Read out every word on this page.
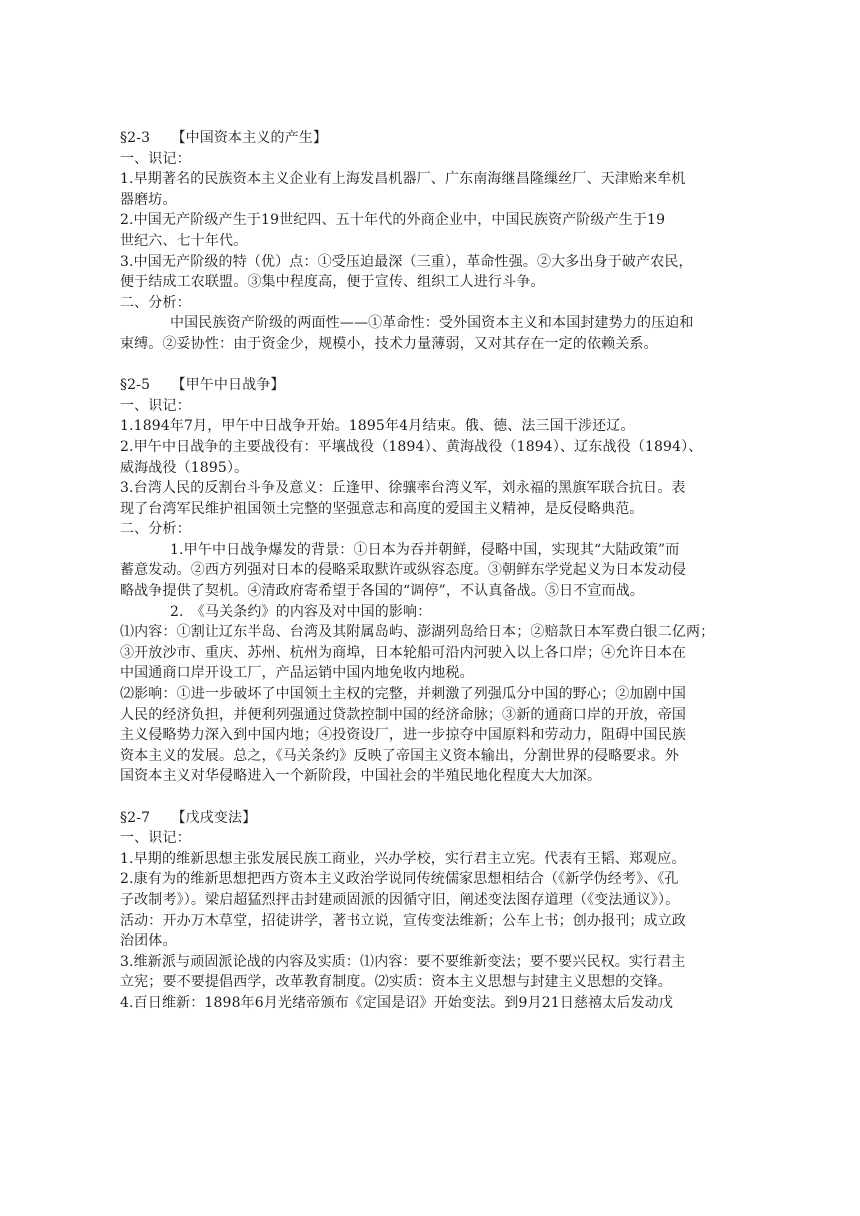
§2-3　　【中国资本主义的产生】
一、识记：
1.早期著名的民族资本主义企业有上海发昌机器厂、广东南海继昌隆缫丝厂、天津贻来牟机
器磨坊。
2.中国无产阶级产生于19世纪四、五十年代的外商企业中，中国民族资产阶级产生于19
世纪六、七十年代。
3.中国无产阶级的特（优）点：①受压迫最深（三重），革命性强。②大多出身于破产农民，
便于结成工农联盟。③集中程度高，便于宣传、组织工人进行斗争。
二、分析：
中国民族资产阶级的两面性——①革命性：受外国资本主义和本国封建势力的压迫和
束缚。②妥协性：由于资金少，规模小，技术力量薄弱，又对其存在一定的依赖关系。
§2-5　　【甲午中日战争】
一、识记：
1.1894年7月，甲午中日战争开始。1895年4月结束。俄、德、法三国干涉还辽。
2.甲午中日战争的主要战役有：平壤战役（1894）、黄海战役（1894）、辽东战役（1894）、
威海战役（1895）。
3.台湾人民的反割台斗争及意义：丘逢甲、徐骧率台湾义军，刘永福的黑旗军联合抗日。表
现了台湾军民维护祖国领土完整的坚强意志和高度的爱国主义精神，是反侵略典范。
二、分析：
1.甲午中日战争爆发的背景：①日本为吞并朝鲜，侵略中国，实现其“大陆政策”而
蓄意发动。②西方列强对日本的侵略采取默许或纵容态度。③朝鲜东学党起义为日本发动侵
略战争提供了契机。④清政府寄希望于各国的“调停”，不认真备战。⑤日不宣而战。
2.　《马关条约》的内容及对中国的影响：
⑴内容：①割让辽东半岛、台湾及其附属岛屿、澎湖列岛给日本；②赔款日本军费白银二亿两；
③开放沙市、重庆、苏州、杭州为商埠，日本轮船可沿内河驶入以上各口岸；④允许日本在
中国通商口岸开设工厂，产品运销中国内地免收内地税。
⑵影响：①进一步破坏了中国领土主权的完整，并刺激了列强瓜分中国的野心；②加剧中国
人民的经济负担，并便利列强通过贷款控制中国的经济命脉；③新的通商口岸的开放，帝国
主义侵略势力深入到中国内地；④投资设厂，进一步掠夺中国原料和劳动力，阻碍中国民族
资本主义的发展。总之，《马关条约》反映了帝国主义资本输出，分割世界的侵略要求。外
国资本主义对华侵略进入一个新阶段，中国社会的半殖民地化程度大大加深。
§2-7　　【戊戌变法】
一、识记：
1.早期的维新思想主张发展民族工商业，兴办学校，实行君主立宪。代表有王韬、郑观应。
2.康有为的维新思想把西方资本主义政治学说同传统儒家思想相结合（《新学伪经考》、《孔
子改制考》）。梁启超猛烈抨击封建顽固派的因循守旧，阐述变法图存道理（《变法通议》）。
活动：开办万木草堂，招徒讲学，著书立说，宣传变法维新；公车上书；创办报刊；成立政
治团体。
3.维新派与顽固派论战的内容及实质：⑴内容：要不要维新变法；要不要兴民权。实行君主
立宪；要不要提倡西学，改革教育制度。⑵实质：资本主义思想与封建主义思想的交锋。
4.百日维新：1898年6月光绪帝颁布《定国是诏》开始变法。到9月21日慈禧太后发动戊
